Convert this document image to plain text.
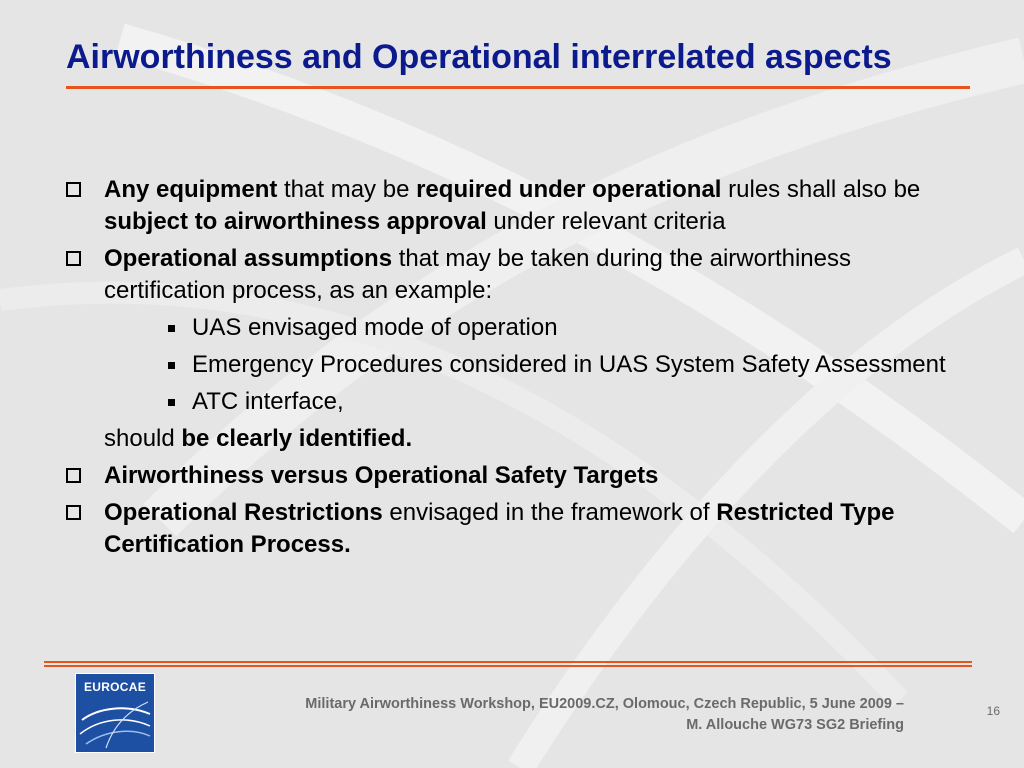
Airworthiness and Operational interrelated aspects
Any equipment that may be required under operational rules shall also be subject to airworthiness approval under relevant criteria
Operational assumptions that may be taken during the airworthiness certification process, as an example:
UAS envisaged mode of operation
Emergency Procedures considered in UAS System Safety Assessment
ATC interface,
should be clearly identified.
Airworthiness versus Operational Safety Targets
Operational Restrictions envisaged in the framework of Restricted Type Certification Process.
EUROCAE
Military Airworthiness Workshop, EU2009.CZ, Olomouc, Czech Republic, 5 June 2009 –
M. Allouche WG73 SG2 Briefing
16
